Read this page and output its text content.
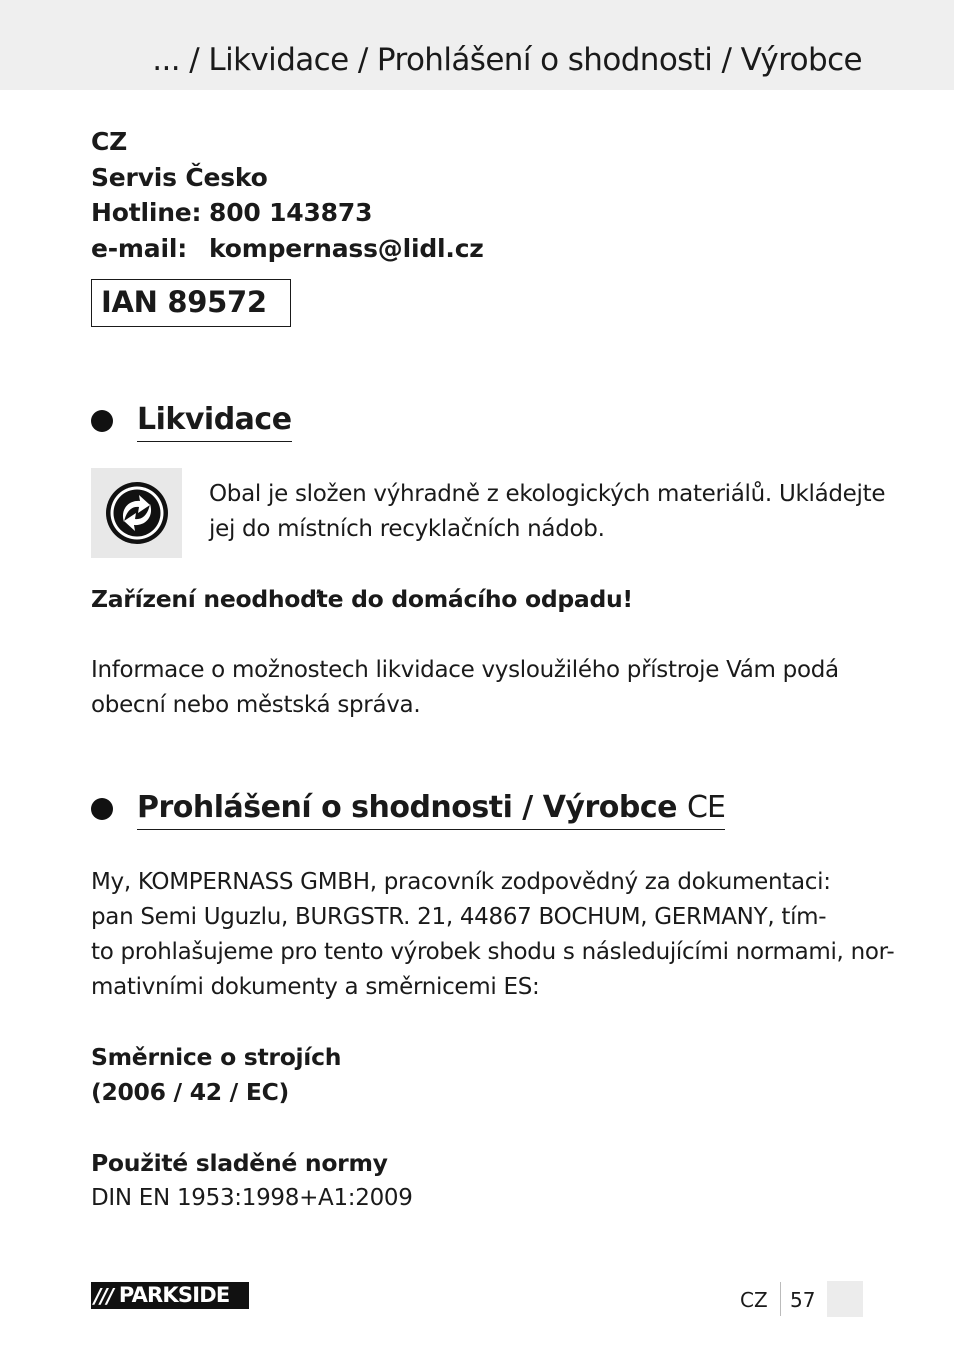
... / Likvidace / Prohlášení o shodnosti / Výrobce
CZ
Servis Česko
Hotline: 800 143873
e-mail: kompernass@lidl.cz
IAN 89572
Likvidace
Obal je složen výhradně z ekologických materiálů. Ukládejte
jej do místních recyklačních nádob.
Zařízení neodhoďte do domácího odpadu!
Informace o možnostech likvidace vysloužilého přístroje Vám podá
obecní nebo městská správa.
Prohlášení o shodnosti / Výrobce CE
My, KOMPERNASS GMBH, pracovník zodpovědný za dokumentaci:
pan Semi Uguzlu, BURGSTR. 21, 44867 BOCHUM, GERMANY, tím-
to prohlašujeme pro tento výrobek shodu s následujícími normami, nor-
mativními dokumenty a směrnicemi ES:
Směrnice o strojích
(2006 / 42 / EC)
Použité sladěné normy
DIN EN 1953:1998+A1:2009
/// PARKSIDE	CZ 57
